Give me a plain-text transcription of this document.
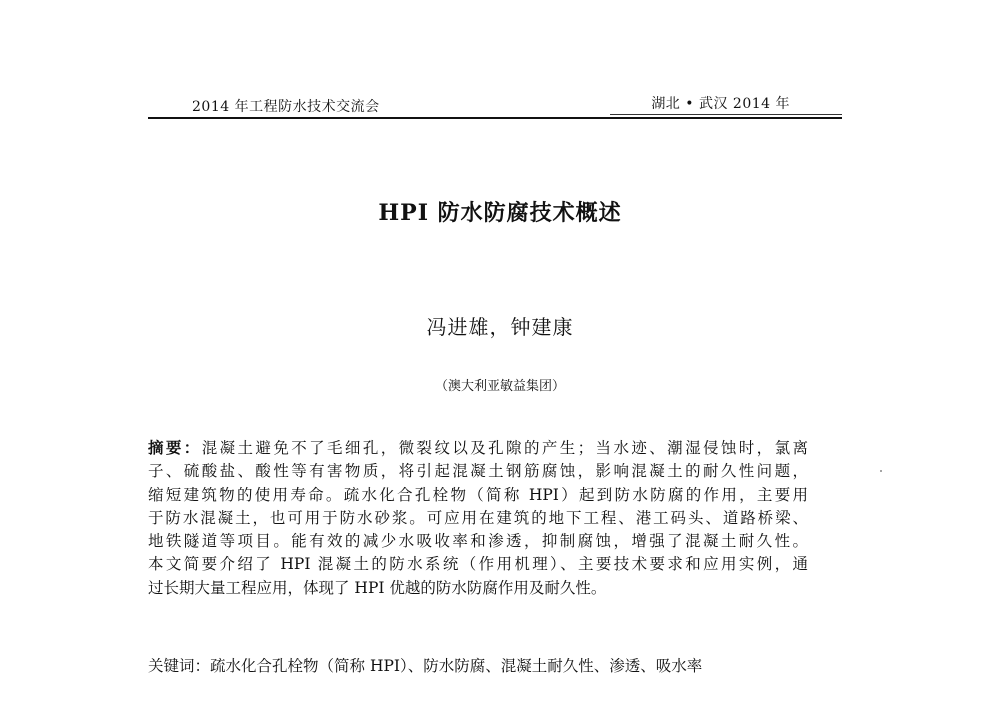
2014 年工程防水技术交流会	湖北 • 武汉 2014 年
HPI 防水防腐技术概述
冯进雄，钟建康
（澳大利亚敏益集团）
摘要：混凝土避免不了毛细孔，微裂纹以及孔隙的产生；当水迹、潮湿侵蚀时，氯离
子、硫酸盐、酸性等有害物质，将引起混凝土钢筋腐蚀，影响混凝土的耐久性问题，
缩短建筑物的使用寿命。疏水化合孔栓物（简称 HPI）起到防水防腐的作用，主要用
于防水混凝土，也可用于防水砂浆。可应用在建筑的地下工程、港工码头、道路桥梁、
地铁隧道等项目。能有效的减少水吸收率和渗透，抑制腐蚀，增强了混凝土耐久性。
本文简要介绍了 HPI 混凝土的防水系统（作用机理）、主要技术要求和应用实例，通
过长期大量工程应用，体现了 HPI 优越的防水防腐作用及耐久性。
关键词：疏水化合孔栓物（简称 HPI）、防水防腐、混凝土耐久性、渗透、吸水率
